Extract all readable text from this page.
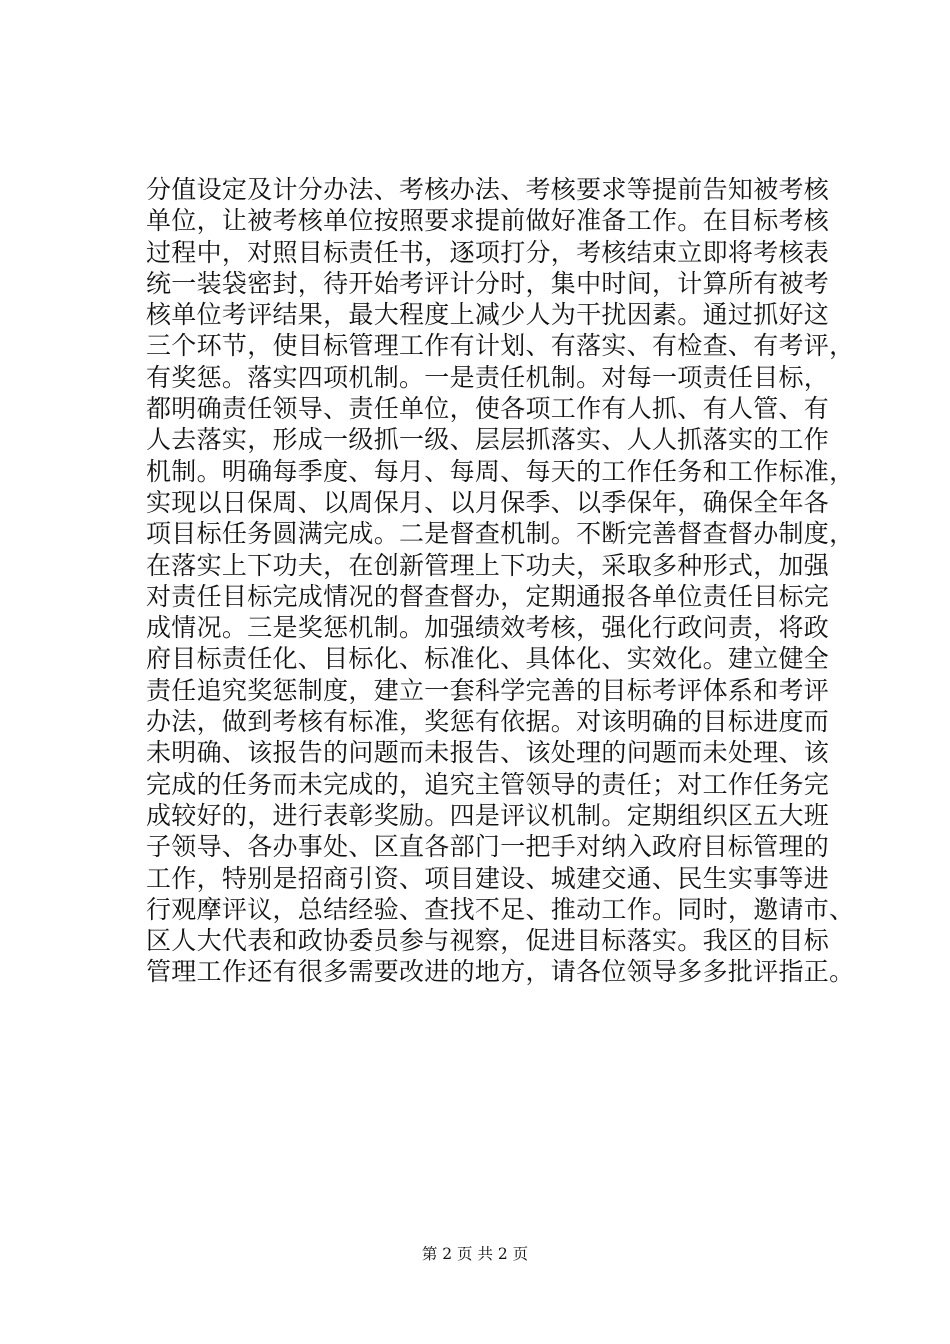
分值设定及计分办法、考核办法、考核要求等提前告知被考核
单位，让被考核单位按照要求提前做好准备工作。在目标考核
过程中，对照目标责任书，逐项打分，考核结束立即将考核表
统一装袋密封，待开始考评计分时，集中时间，计算所有被考
核单位考评结果，最大程度上减少人为干扰因素。通过抓好这
三个环节，使目标管理工作有计划、有落实、有检查、有考评，
有奖惩。落实四项机制。一是责任机制。对每一项责任目标，
都明确责任领导、责任单位，使各项工作有人抓、有人管、有
人去落实，形成一级抓一级、层层抓落实、人人抓落实的工作
机制。明确每季度、每月、每周、每天的工作任务和工作标准，
实现以日保周、以周保月、以月保季、以季保年，确保全年各
项目标任务圆满完成。二是督查机制。不断完善督查督办制度，
在落实上下功夫，在创新管理上下功夫，采取多种形式，加强
对责任目标完成情况的督查督办，定期通报各单位责任目标完
成情况。三是奖惩机制。加强绩效考核，强化行政问责，将政
府目标责任化、目标化、标准化、具体化、实效化。建立健全
责任追究奖惩制度，建立一套科学完善的目标考评体系和考评
办法，做到考核有标准，奖惩有依据。对该明确的目标进度而
未明确、该报告的问题而未报告、该处理的问题而未处理、该
完成的任务而未完成的，追究主管领导的责任；对工作任务完
成较好的，进行表彰奖励。四是评议机制。定期组织区五大班
子领导、各办事处、区直各部门一把手对纳入政府目标管理的
工作，特别是招商引资、项目建设、城建交通、民生实事等进
行观摩评议，总结经验、查找不足、推动工作。同时，邀请市、
区人大代表和政协委员参与视察，促进目标落实。我区的目标
管理工作还有很多需要改进的地方，请各位领导多多批评指正。
第 2 页 共 2 页
